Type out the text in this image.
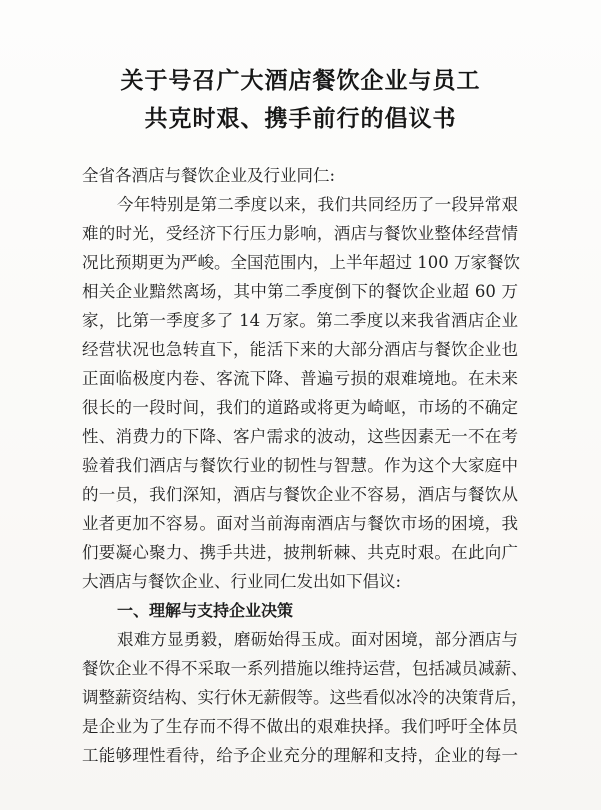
关于号召广大酒店餐饮企业与员工
共克时艰、携手前行的倡议书
全省各酒店与餐饮企业及行业同仁:
今年特别是第二季度以来，我们共同经历了一段异常艰
难的时光，受经济下行压力影响，酒店与餐饮业整体经营情
况比预期更为严峻。全国范围内，上半年超过 100 万家餐饮
相关企业黯然离场，其中第二季度倒下的餐饮企业超 60 万
家，比第一季度多了 14 万家。第二季度以来我省酒店企业
经营状况也急转直下，能活下来的大部分酒店与餐饮企业也
正面临极度内卷、客流下降、普遍亏损的艰难境地。在未来
很长的一段时间，我们的道路或将更为崎岖，市场的不确定
性、消费力的下降、客户需求的波动，这些因素无一不在考
验着我们酒店与餐饮行业的韧性与智慧。作为这个大家庭中
的一员，我们深知，酒店与餐饮企业不容易，酒店与餐饮从
业者更加不容易。面对当前海南酒店与餐饮市场的困境，我
们要凝心聚力、携手共进，披荆斩棘、共克时艰。在此向广
大酒店与餐饮企业、行业同仁发出如下倡议:
一、理解与支持企业决策
艰难方显勇毅，磨砺始得玉成。面对困境，部分酒店与
餐饮企业不得不采取一系列措施以维持运营，包括减员减薪、
调整薪资结构、实行休无薪假等。这些看似冰冷的决策背后，
是企业为了生存而不得不做出的艰难抉择。我们呼吁全体员
工能够理性看待，给予企业充分的理解和支持，企业的每一
